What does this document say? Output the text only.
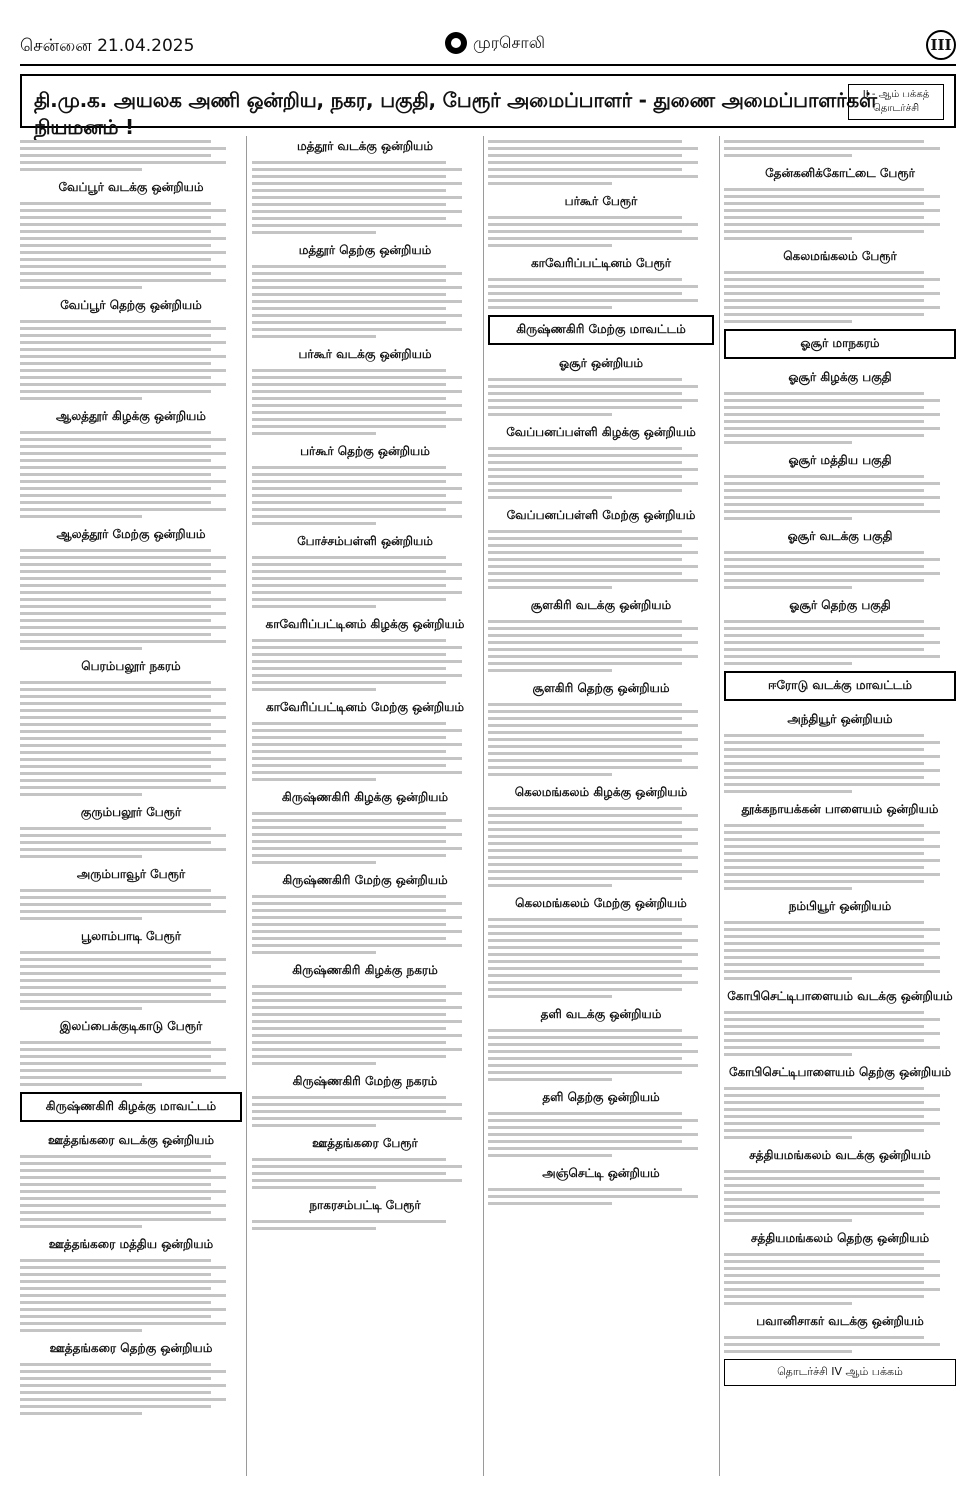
சென்னை 21.04.2025	முரசொலி	III
தி.மு.க. அயலக அணி ஒன்றிய, நகர, பகுதி, பேரூர் அமைப்பாளர் - துணை அமைப்பாளர்கள் நியமனம் !
II - ஆம் பக்கத் தொடர்ச்சி
வேப்பூர் வடக்கு ஒன்றியம்
வேப்பூர் தெற்கு ஒன்றியம்
ஆலத்தூர் கிழக்கு ஒன்றியம்
ஆலத்தூர் மேற்கு ஒன்றியம்
பெரம்பலூர் நகரம்
குரும்பலூர் பேரூர்
அரும்பாவூர் பேரூர்
பூலாம்பாடி பேரூர்
இலப்பைக்குடிகாடு பேரூர்
கிருஷ்ணகிரி கிழக்கு மாவட்டம்
ஊத்தங்கரை வடக்கு ஒன்றியம்
ஊத்தங்கரை மத்திய ஒன்றியம்
ஊத்தங்கரை தெற்கு ஒன்றியம்
மத்தூர் வடக்கு ஒன்றியம்
மத்தூர் தெற்கு ஒன்றியம்
பர்கூர் வடக்கு ஒன்றியம்
பர்கூர் தெற்கு ஒன்றியம்
போச்சம்பள்ளி ஒன்றியம்
காவேரிப்பட்டினம் கிழக்கு ஒன்றியம்
காவேரிப்பட்டினம் மேற்கு ஒன்றியம்
கிருஷ்ணகிரி கிழக்கு ஒன்றியம்
கிருஷ்ணகிரி மேற்கு ஒன்றியம்
கிருஷ்ணகிரி கிழக்கு நகரம்
கிருஷ்ணகிரி மேற்கு நகரம்
ஊத்தங்கரை பேரூர்
நாகரசம்பட்டி பேரூர்
பர்கூர் பேரூர்
காவேரிப்பட்டினம் பேரூர்
கிருஷ்ணகிரி மேற்கு மாவட்டம்
ஓசூர் ஒன்றியம்
வேப்பனப்பள்ளி கிழக்கு ஒன்றியம்
வேப்பனப்பள்ளி மேற்கு ஒன்றியம்
சூளகிரி வடக்கு ஒன்றியம்
சூளகிரி தெற்கு ஒன்றியம்
கெலமங்கலம் கிழக்கு ஒன்றியம்
கெலமங்கலம் மேற்கு ஒன்றியம்
தளி வடக்கு ஒன்றியம்
தளி தெற்கு ஒன்றியம்
அஞ்செட்டி ஒன்றியம்
தேன்கனிக்கோட்டை பேரூர்
கெலமங்கலம் பேரூர்
ஓசூர் மாநகரம்
ஓசூர் கிழக்கு பகுதி
ஓசூர் மத்திய பகுதி
ஓசூர் வடக்கு பகுதி
ஓசூர் தெற்கு பகுதி
ஈரோடு வடக்கு மாவட்டம்
அந்தியூர் ஒன்றியம்
தூக்கநாயக்கன் பாளையம் ஒன்றியம்
நம்பியூர் ஒன்றியம்
கோபிசெட்டிபாளையம் வடக்கு ஒன்றியம்
கோபிசெட்டிபாளையம் தெற்கு ஒன்றியம்
சத்தியமங்கலம் வடக்கு ஒன்றியம்
சத்தியமங்கலம் தெற்கு ஒன்றியம்
பவானிசாகர் வடக்கு ஒன்றியம்
தொடர்ச்சி IV ஆம் பக்கம்
